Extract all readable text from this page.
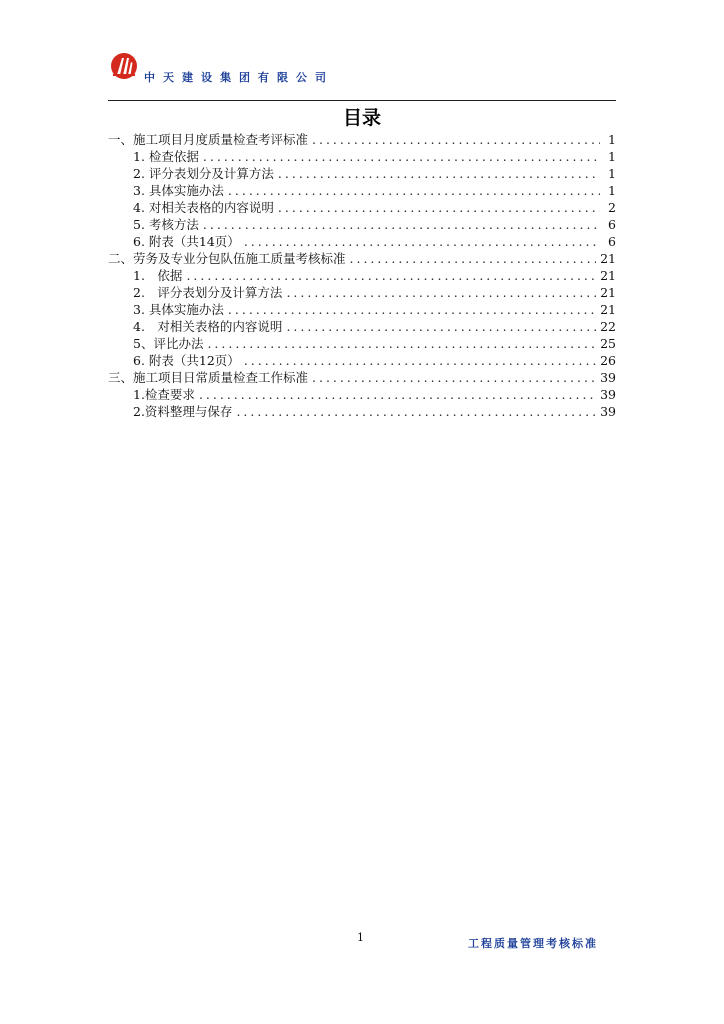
中天建设集团有限公司
目录
一、施工项目月度质量检查考评标准 .....	1
1. 检查依据 .....	1
2. 评分表划分及计算方法 .....	1
3. 具体实施办法 .....	1
4. 对相关表格的内容说明 .....	2
5. 考核方法 .....	6
6. 附表（共14页） .....	6
二、劳务及专业分包队伍施工质量考核标准 .....	21
1.　依据 .....	21
2.　评分表划分及计算方法 .....	21
3. 具体实施办法 .....	21
4.　对相关表格的内容说明 .....	22
5、评比办法 .....	25
6. 附表（共12页） .....	26
三、施工项目日常质量检查工作标准 .....	39
1.检查要求 .....	39
2.资料整理与保存 .....	39
1	工程质量管理考核标准
